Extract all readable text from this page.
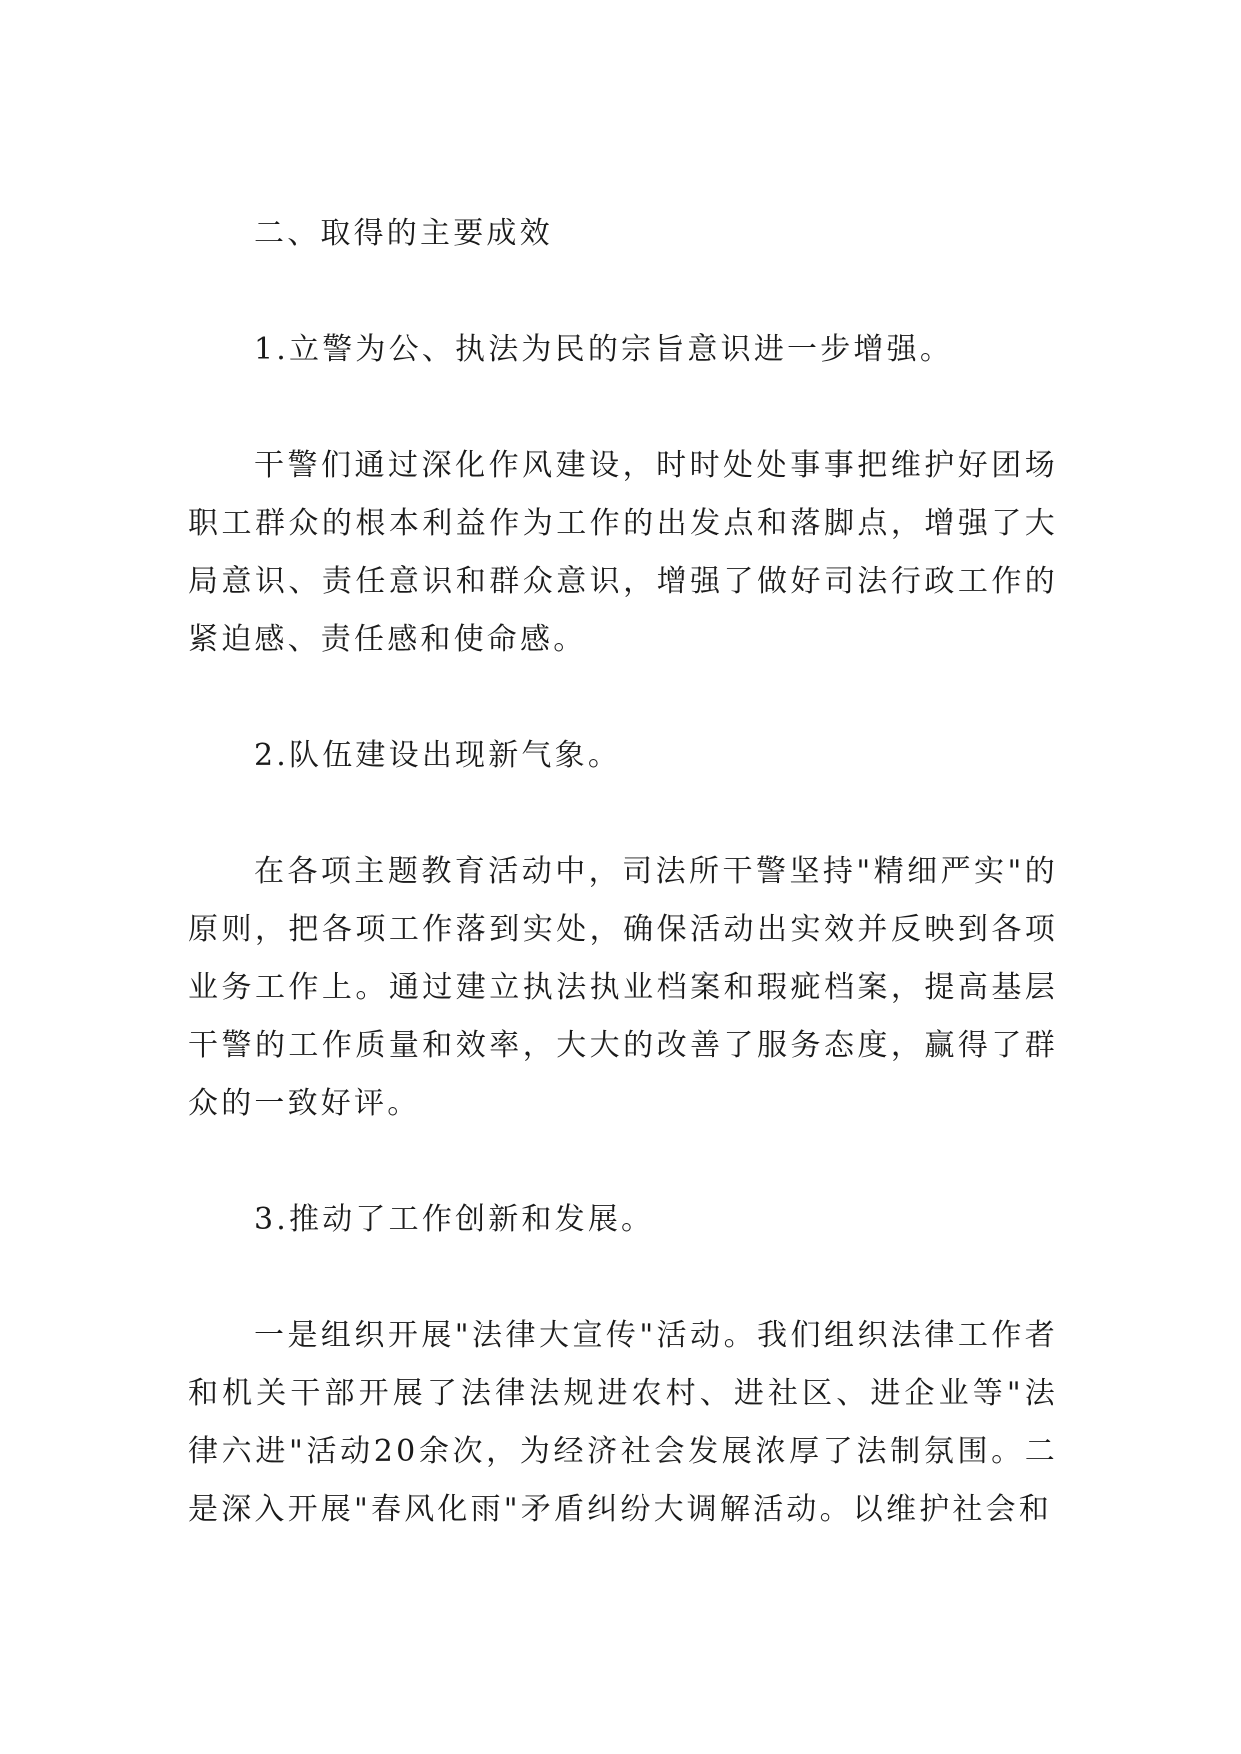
二、取得的主要成效

1.立警为公、执法为民的宗旨意识进一步增强。

干警们通过深化作风建设，时时处处事事把维护好团场职工群众的根本利益作为工作的出发点和落脚点，增强了大局意识、责任意识和群众意识，增强了做好司法行政工作的紧迫感、责任感和使命感。

2.队伍建设出现新气象。

在各项主题教育活动中，司法所干警坚持"精细严实"的原则，把各项工作落到实处，确保活动出实效并反映到各项业务工作上。通过建立执法执业档案和瑕疵档案，提高基层干警的工作质量和效率，大大的改善了服务态度，赢得了群众的一致好评。

3.推动了工作创新和发展。

一是组织开展"法律大宣传"活动。我们组织法律工作者和机关干部开展了法律法规进农村、进社区、进企业等"法律六进"活动20余次，为经济社会发展浓厚了法制氛围。二是深入开展"春风化雨"矛盾纠纷大调解活动。以维护社会和
